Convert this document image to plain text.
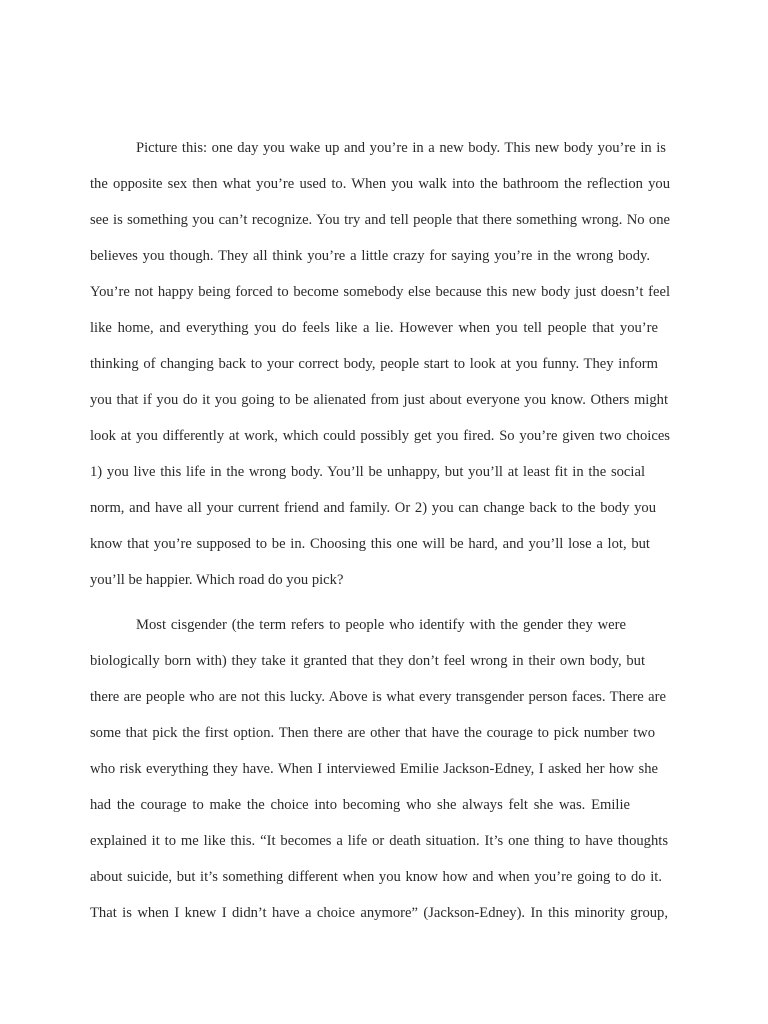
Picture this: one day you wake up and you’re in a new body. This new body you’re in is
the opposite sex then what you’re used to. When you walk into the bathroom the reflection you
see is something you can’t recognize. You try and tell people that there something wrong. No one
believes you though. They all think you’re a little crazy for saying you’re in the wrong body.
You’re not happy being forced to become somebody else because this new body just doesn’t feel
like home, and everything you do feels like a lie. However when you tell people that you’re
thinking of changing back to your correct body, people start to look at you funny. They inform
you that if you do it you going to be alienated from just about everyone you know. Others might
look at you differently at work, which could possibly get you fired. So you’re given two choices
1) you live this life in the wrong body. You’ll be unhappy, but you’ll at least fit in the social
norm, and have all your current friend and family. Or 2) you can change back to the body you
know that you’re supposed to be in. Choosing this one will be hard, and you’ll lose a lot, but
you’ll be happier. Which road do you pick?
Most cisgender (the term refers to people who identify with the gender they were
biologically born with) they take it granted that they don’t feel wrong in their own body, but
there are people who are not this lucky. Above is what every transgender person faces. There are
some that pick the first option. Then there are other that have the courage to pick number two
who risk everything they have. When I interviewed Emilie Jackson-Edney, I asked her how she
had the courage to make the choice into becoming who she always felt she was. Emilie
explained it to me like this. “It becomes a life or death situation. It’s one thing to have thoughts
about suicide, but it’s something different when you know how and when you’re going to do it.
That is when I knew I didn’t have a choice anymore” (Jackson-Edney). In this minority group,
